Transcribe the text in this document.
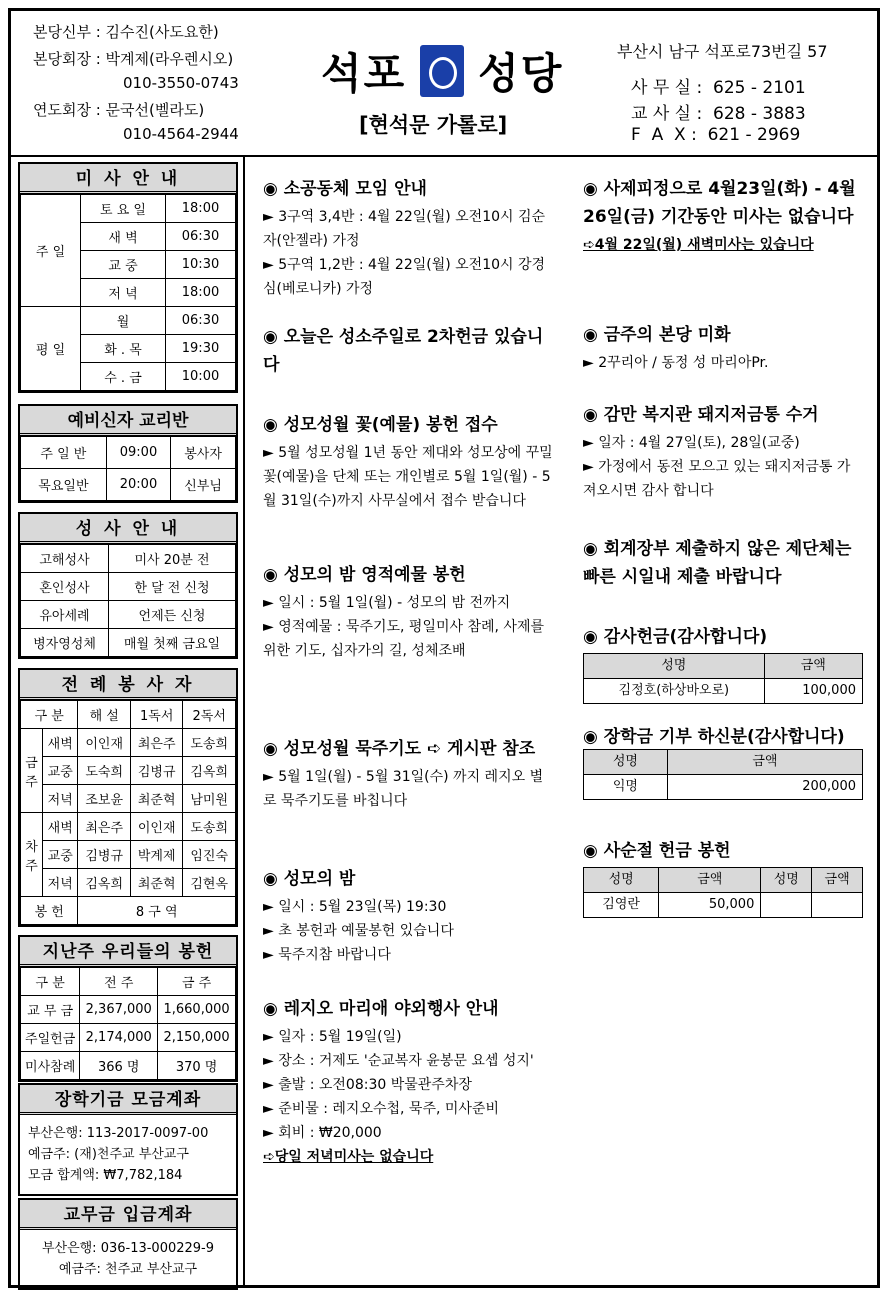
본당신부 : 김수진(사도요한)
본당회장 : 박계제(라우렌시오)
010-3550-0743
연도회장 : 문국선(벨라도)
010-4564-2944
석포 성당
[현석문 가롤로]
부산시 남구 석포로73번길 57
사 무 실 :  625 - 2101
교 사 실 :  628 - 3883
F  A  X :  621 - 2969
미 사 안 내
주 일	토 요 일	18:00
	새 벽	06:30
	교 중	10:30
	저 녁	18:00
평 일	월	06:30
	화 . 목	19:30
	수 . 금	10:00
예비신자 교리반
주 일 반	09:00	봉사자
목요일반	20:00	신부님
성 사 안 내
고해성사	미사 20분 전
혼인성사	한 달 전 신청
유아세례	언제든 신청
병자영성체	매월 첫째 금요일
전 례 봉 사 자
구 분		해 설	1독서	2독서
금주	새벽	이인재	최은주	도송희
	교중	도숙희	김병규	김옥희
	저녁	조보윤	최준혁	남미원
차주	새벽	최은주	이인재	도송희
	교중	김병규	박계제	임진숙
	저녁	김옥희	최준혁	김현옥
봉 헌		8 구 역		
지난주 우리들의 봉헌
구 분	전 주	금 주
교 무 금	2,367,000	1,660,000
주일헌금	2,174,000	2,150,000
미사참례	366 명	370 명
장학기금 모금계좌
부산은행: 113-2017-0097-00
예금주: (재)천주교 부산교구
모금 합계액: ₩7,782,184
교무금 입금계좌
부산은행: 036-13-000229-9
예금주: 천주교 부산교구
◉ 소공동체 모임 안내
► 3구역 3,4반 : 4월 22일(월) 오전10시 김순자(안젤라) 가정
► 5구역 1,2반 : 4월 22일(월) 오전10시 강경심(베로니카) 가정
◉ 오늘은 성소주일로 2차헌금 있습니다
◉ 성모성월 꽃(예물) 봉헌 접수
► 5월 성모성월 1년 동안 제대와 성모상에 꾸밀 꽃(예물)을 단체 또는 개인별로 5월 1일(월) - 5월 31일(수)까지 사무실에서 접수 받습니다
◉ 성모의 밤 영적예물 봉헌
► 일시 : 5월 1일(월) - 성모의 밤 전까지
► 영적예물 : 묵주기도, 평일미사 참례, 사제를 위한 기도, 십자가의 길, 성체조배
◉ 성모성월 묵주기도 ➪ 게시판 참조
► 5월 1일(월) - 5월 31일(수) 까지 레지오 별로 묵주기도를 바칩니다
◉ 성모의 밤
► 일시 : 5월 23일(목) 19:30
► 초 봉헌과 예물봉헌 있습니다
► 묵주지참 바랍니다
◉ 레지오 마리애 야외행사 안내
► 일자 : 5월 19일(일)
► 장소 : 거제도 '순교복자 윤봉문 요셉 성지'
► 출발 : 오전08:30 박물관주차장
► 준비물 : 레지오수첩, 묵주, 미사준비
► 회비 : ₩20,000
➪당일 저녁미사는 없습니다
◉ 사제피정으로 4월23일(화) - 4월26일(금) 기간동안 미사는 없습니다
➪4월 22일(월) 새벽미사는 있습니다
◉ 금주의 본당 미화
► 2꾸리아 / 동정 성 마리아Pr.
◉ 감만 복지관 돼지저금통 수거
► 일자 : 4월 27일(토), 28일(교중)
► 가정에서 동전 모으고 있는 돼지저금통 가져오시면 감사 합니다
◉ 회계장부 제출하지 않은 제단체는 빠른 시일내 제출 바랍니다
◉ 감사헌금(감사합니다)
성명	금액
김정호(하상바오로)	100,000
◉ 장학금 기부 하신분(감사합니다)
성명	금액
익명	200,000
◉ 사순절 헌금 봉헌
성명	금액	성명	금액
김영란	50,000		
